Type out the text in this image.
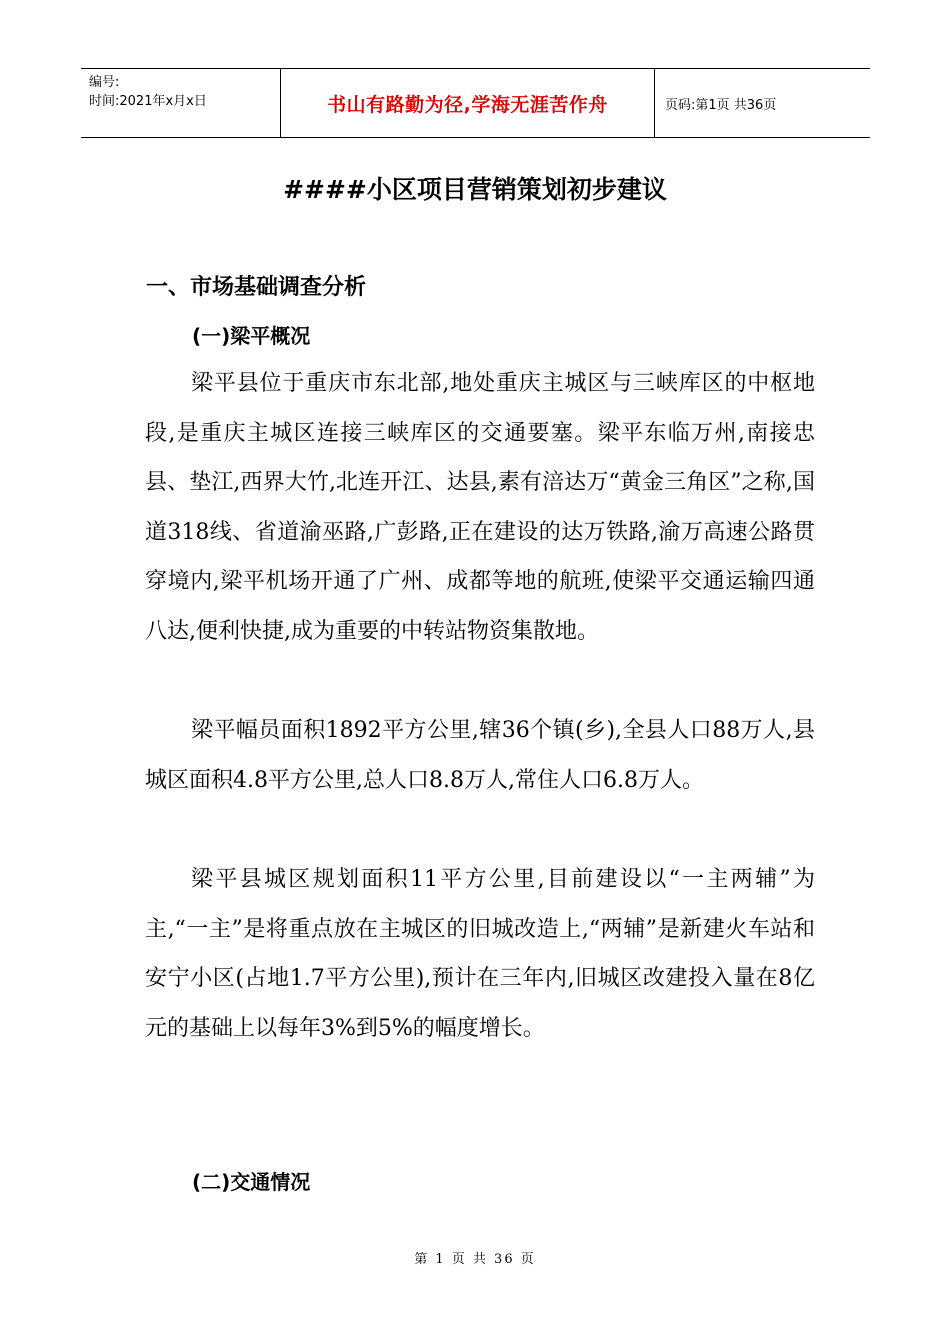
编号:
时间:2021年x月x日	书山有路勤为径,学海无涯苦作舟	页码:第1页 共36页
####小区项目营销策划初步建议
一、市场基础调查分析
(一)梁平概况
梁平县位于重庆市东北部,地处重庆主城区与三峡库区的中枢地段,是重庆主城区连接三峡库区的交通要塞。梁平东临万州,南接忠县、垫江,西界大竹,北连开江、达县,素有涪达万“黄金三角区”之称,国道318线、省道渝巫路,广彭路,正在建设的达万铁路,渝万高速公路贯穿境内,梁平机场开通了广州、成都等地的航班,使梁平交通运输四通八达,便利快捷,成为重要的中转站物资集散地。
梁平幅员面积1892平方公里,辖36个镇(乡),全县人口88万人,县城区面积4.8平方公里,总人口8.8万人,常住人口6.8万人。
梁平县城区规划面积11平方公里,目前建设以“一主两辅”为主,“一主”是将重点放在主城区的旧城改造上,“两辅”是新建火车站和安宁小区(占地1.7平方公里),预计在三年内,旧城区改建投入量在8亿元的基础上以每年3%到5%的幅度增长。
(二)交通情况
第 1 页 共 36 页
